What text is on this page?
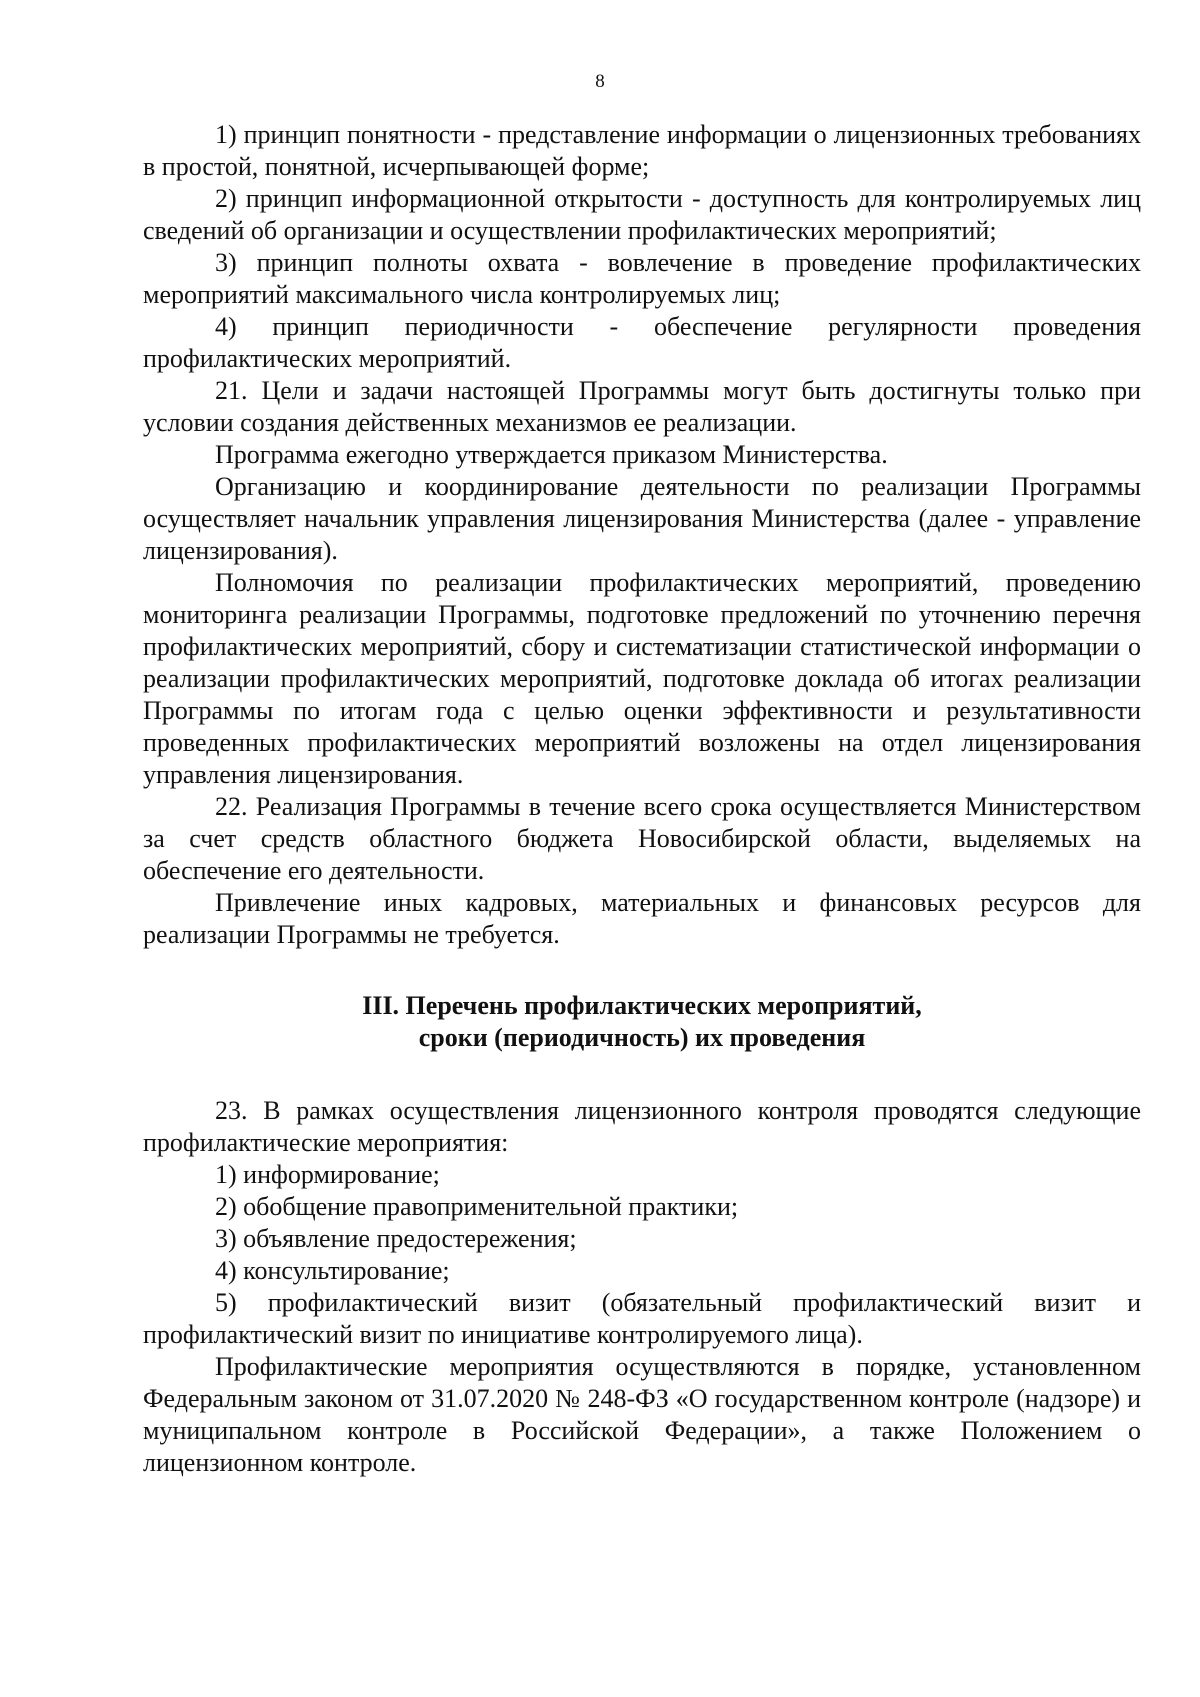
8

1) принцип понятности - представление информации о лицензионных требованиях в простой, понятной, исчерпывающей форме;

2) принцип информационной открытости - доступность для контролируемых лиц сведений об организации и осуществлении профилактических мероприятий;

3) принцип полноты охвата - вовлечение в проведение профилактических мероприятий максимального числа контролируемых лиц;

4) принцип периодичности - обеспечение регулярности проведения профилактических мероприятий.

21. Цели и задачи настоящей Программы могут быть достигнуты только при условии создания действенных механизмов ее реализации.

Программа ежегодно утверждается приказом Министерства.

Организацию и координирование деятельности по реализации Программы осуществляет начальник управления лицензирования Министерства (далее - управление лицензирования).

Полномочия по реализации профилактических мероприятий, проведению мониторинга реализации Программы, подготовке предложений по уточнению перечня профилактических мероприятий, сбору и систематизации статистической информации о реализации профилактических мероприятий, подготовке доклада об итогах реализации Программы по итогам года с целью оценки эффективности и результативности проведенных профилактических мероприятий возложены на отдел лицензирования управления лицензирования.

22. Реализация Программы в течение всего срока осуществляется Министерством за счет средств областного бюджета Новосибирской области, выделяемых на обеспечение его деятельности.

Привлечение иных кадровых, материальных и финансовых ресурсов для реализации Программы не требуется.

III. Перечень профилактических мероприятий,
сроки (периодичность) их проведения

23. В рамках осуществления лицензионного контроля проводятся следующие профилактические мероприятия:

1) информирование;

2) обобщение правоприменительной практики;

3) объявление предостережения;

4) консультирование;

5) профилактический визит (обязательный профилактический визит и профилактический визит по инициативе контролируемого лица).

Профилактические мероприятия осуществляются в порядке, установленном Федеральным законом от 31.07.2020 № 248-ФЗ «О государственном контроле (надзоре) и муниципальном контроле в Российской Федерации», а также Положением о лицензионном контроле.
